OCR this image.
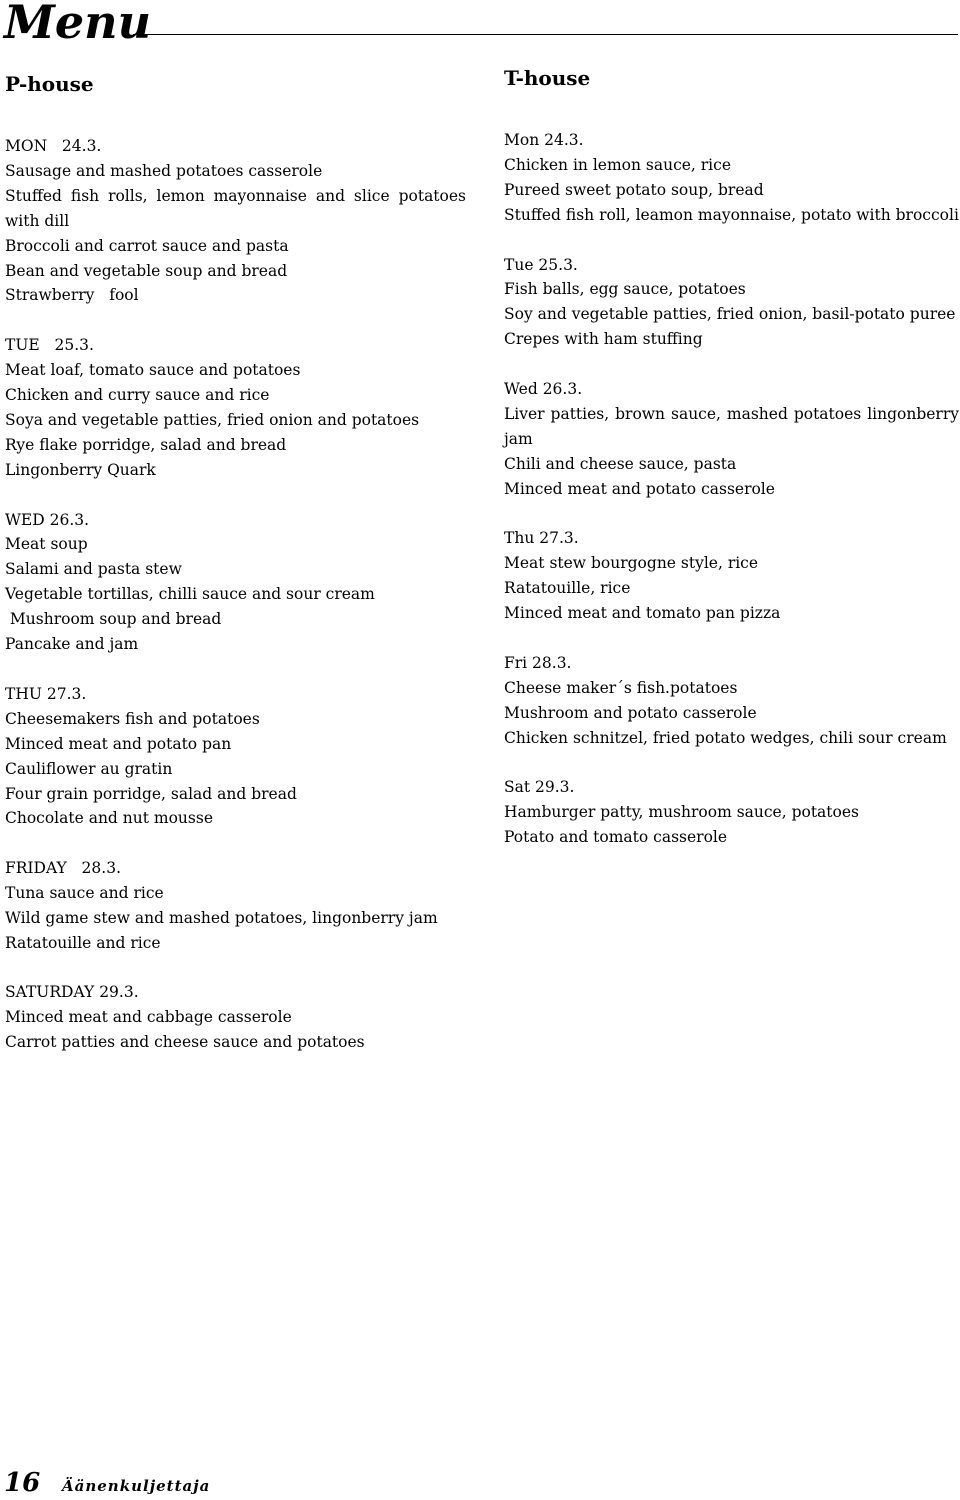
Menu
P-house	T-house
MON   24.3.
Sausage and mashed potatoes casserole
Stuffed fish rolls, lemon mayonnaise and slice potatoes with dill
Broccoli and carrot sauce and pasta
Bean and vegetable soup and bread
Strawberry   fool
TUE   25.3.
Meat loaf, tomato sauce and potatoes
Chicken and curry sauce and rice
Soya and vegetable patties, fried onion and potatoes
Rye flake porridge, salad and bread
Lingonberry Quark
WED 26.3.
Meat soup
Salami and pasta stew
Vegetable tortillas, chilli sauce and sour cream
Mushroom soup and bread
Pancake and jam
THU 27.3.
Cheesemakers fish and potatoes
Minced meat and potato pan
Cauliflower au gratin
Four grain porridge, salad and bread
Chocolate and nut mousse
FRIDAY   28.3.
Tuna sauce and rice
Wild game stew and mashed potatoes, lingonberry jam
Ratatouille and rice
SATURDAY 29.3.
Minced meat and cabbage casserole
Carrot patties and cheese sauce and potatoes
Mon 24.3.
Chicken in lemon sauce, rice
Pureed sweet potato soup, bread
Stuffed fish roll, leamon mayonnaise, potato with broccoli
Tue 25.3.
Fish balls, egg sauce, potatoes
Soy and vegetable patties, fried onion, basil-potato puree
Crepes with ham stuffing
Wed 26.3.
Liver patties, brown sauce, mashed potatoes lingonberry jam
Chili and cheese sauce, pasta
Minced meat and potato casserole
Thu 27.3.
Meat stew bourgogne style, rice
Ratatouille, rice
Minced meat and tomato pan pizza
Fri 28.3.
Cheese maker´s fish.potatoes
Mushroom and potato casserole
Chicken schnitzel, fried potato wedges, chili sour cream
Sat 29.3.
Hamburger patty, mushroom sauce, potatoes
Potato and tomato casserole
16 Äänenkuljettaja
